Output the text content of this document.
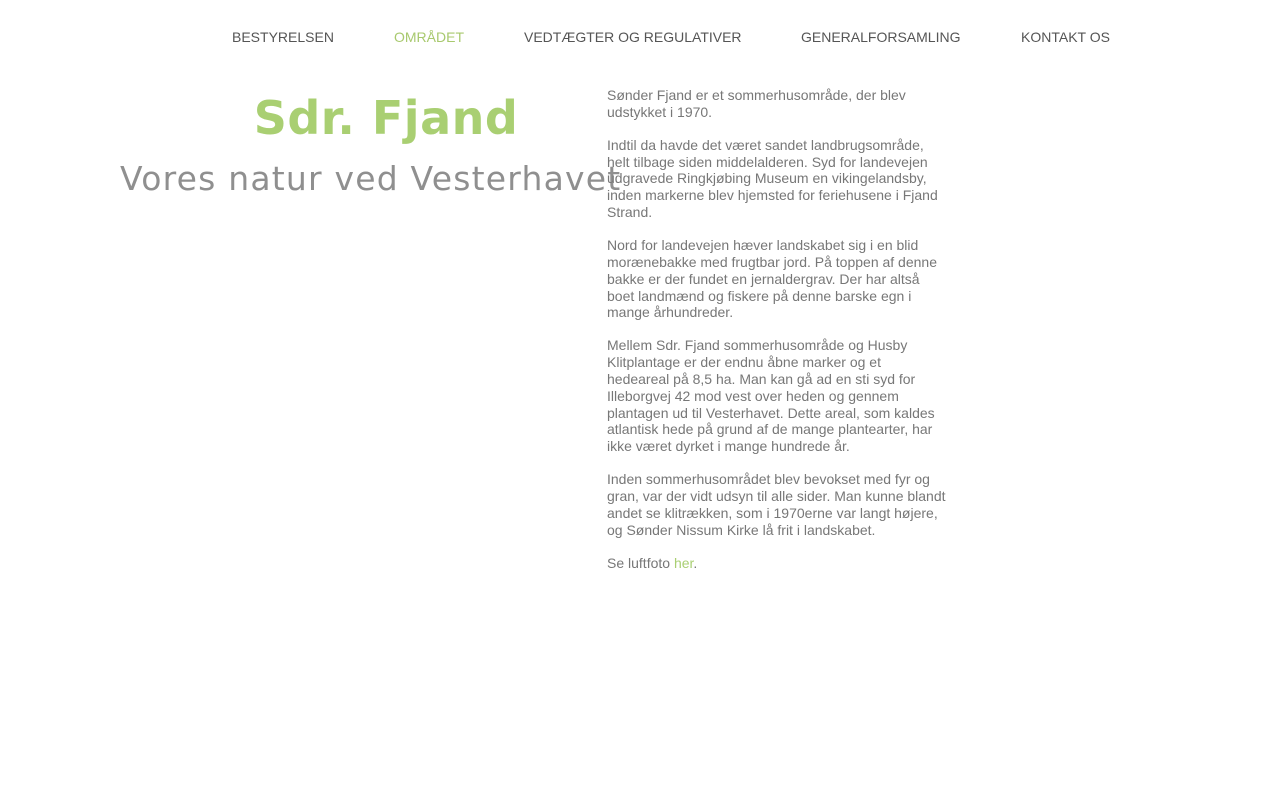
BESTYRELSEN	OMRÅDET	VEDTÆGTER OG REGULATIVER	GENERALFORSAMLING	KONTAKT OS
Sdr. Fjand
Vores natur ved Vesterhavet

Sønder Fjand er et sommerhusområde, der blev udstykket i 1970.

Indtil da havde det været sandet landbrugsområde, helt tilbage siden middelalderen. Syd for landevejen udgravede Ringkjøbing Museum en vikingelandsby, inden markerne blev hjemsted for feriehusene i Fjand Strand.

Nord for landevejen hæver landskabet sig i en blid morænebakke med frugtbar jord. På toppen af denne bakke er der fundet en jernaldergrav. Der har altså boet landmænd og fiskere på denne barske egn i mange århundreder.

Mellem Sdr. Fjand sommerhusområde og Husby Klitplantage er der endnu åbne marker og et hedeareal på 8,5 ha. Man kan gå ad en sti syd for Illeborgvej 42 mod vest over heden og gennem plantagen ud til Vesterhavet. Dette areal, som kaldes atlantisk hede på grund af de mange plantearter, har ikke været dyrket i mange hundrede år.

Inden sommerhusområdet blev bevokset med fyr og gran, var der vidt udsyn til alle sider. Man kunne blandt andet se klitrækken, som i 1970erne var langt højere, og Sønder Nissum Kirke lå frit i landskabet.

Se luftfoto her.
